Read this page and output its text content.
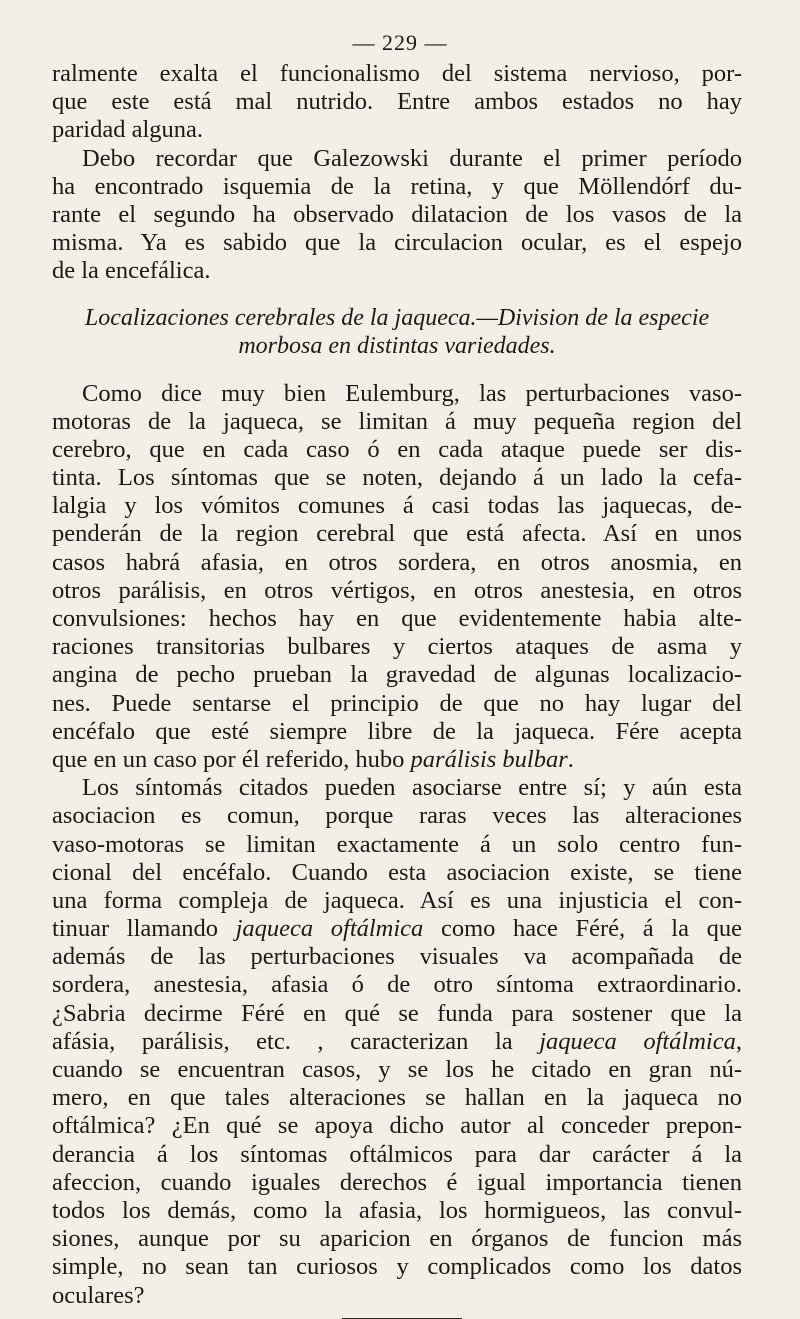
— 229 —
ralmente exalta el funcionalismo del sistema nervioso, por-
que este está mal nutrido. Entre ambos estados no hay
paridad alguna.
Debo recordar que Galezowski durante el primer período
ha encontrado isquemia de la retina, y que Möllendórf du-
rante el segundo ha observado dilatacion de los vasos de la
misma. Ya es sabido que la circulacion ocular, es el espejo
de la encefálica.
Localizaciones cerebrales de la jaqueca.—Division de la especie
morbosa en distintas variedades.
Como dice muy bien Eulemburg, las perturbaciones vaso-
motoras de la jaqueca, se limitan á muy pequeña region del
cerebro, que en cada caso ó en cada ataque puede ser dis-
tinta. Los síntomas que se noten, dejando á un lado la cefa-
lalgia y los vómitos comunes á casi todas las jaquecas, de-
penderán de la region cerebral que está afecta. Así en unos
casos habrá afasia, en otros sordera, en otros anosmia, en
otros parálisis, en otros vértigos, en otros anestesia, en otros
convulsiones: hechos hay en que evidentemente habia alte-
raciones transitorias bulbares y ciertos ataques de asma y
angina de pecho prueban la gravedad de algunas localizacio-
nes. Puede sentarse el principio de que no hay lugar del
encéfalo que esté siempre libre de la jaqueca. Fére acepta
que en un caso por él referido, hubo parálisis bulbar.
Los síntomás citados pueden asociarse entre sí; y aún esta
asociacion es comun, porque raras veces las alteraciones
vaso-motoras se limitan exactamente á un solo centro fun-
cional del encéfalo. Cuando esta asociacion existe, se tiene
una forma compleja de jaqueca. Así es una injusticia el con-
tinuar llamando jaqueca oftálmica como hace Féré, á la que
además de las perturbaciones visuales va acompañada de
sordera, anestesia, afasia ó de otro síntoma extraordinario.
¿Sabria decirme Féré en qué se funda para sostener que la
afásia, parálisis, etc. , caracterizan la jaqueca oftálmica,
cuando se encuentran casos, y se los he citado en gran nú-
mero, en que tales alteraciones se hallan en la jaqueca no
oftálmica? ¿En qué se apoya dicho autor al conceder prepon-
derancia á los síntomas oftálmicos para dar carácter á la
afeccion, cuando iguales derechos é igual importancia tienen
todos los demás, como la afasia, los hormigueos, las convul-
siones, aunque por su aparicion en órganos de funcion más
simple, no sean tan curiosos y complicados como los datos
oculares?
